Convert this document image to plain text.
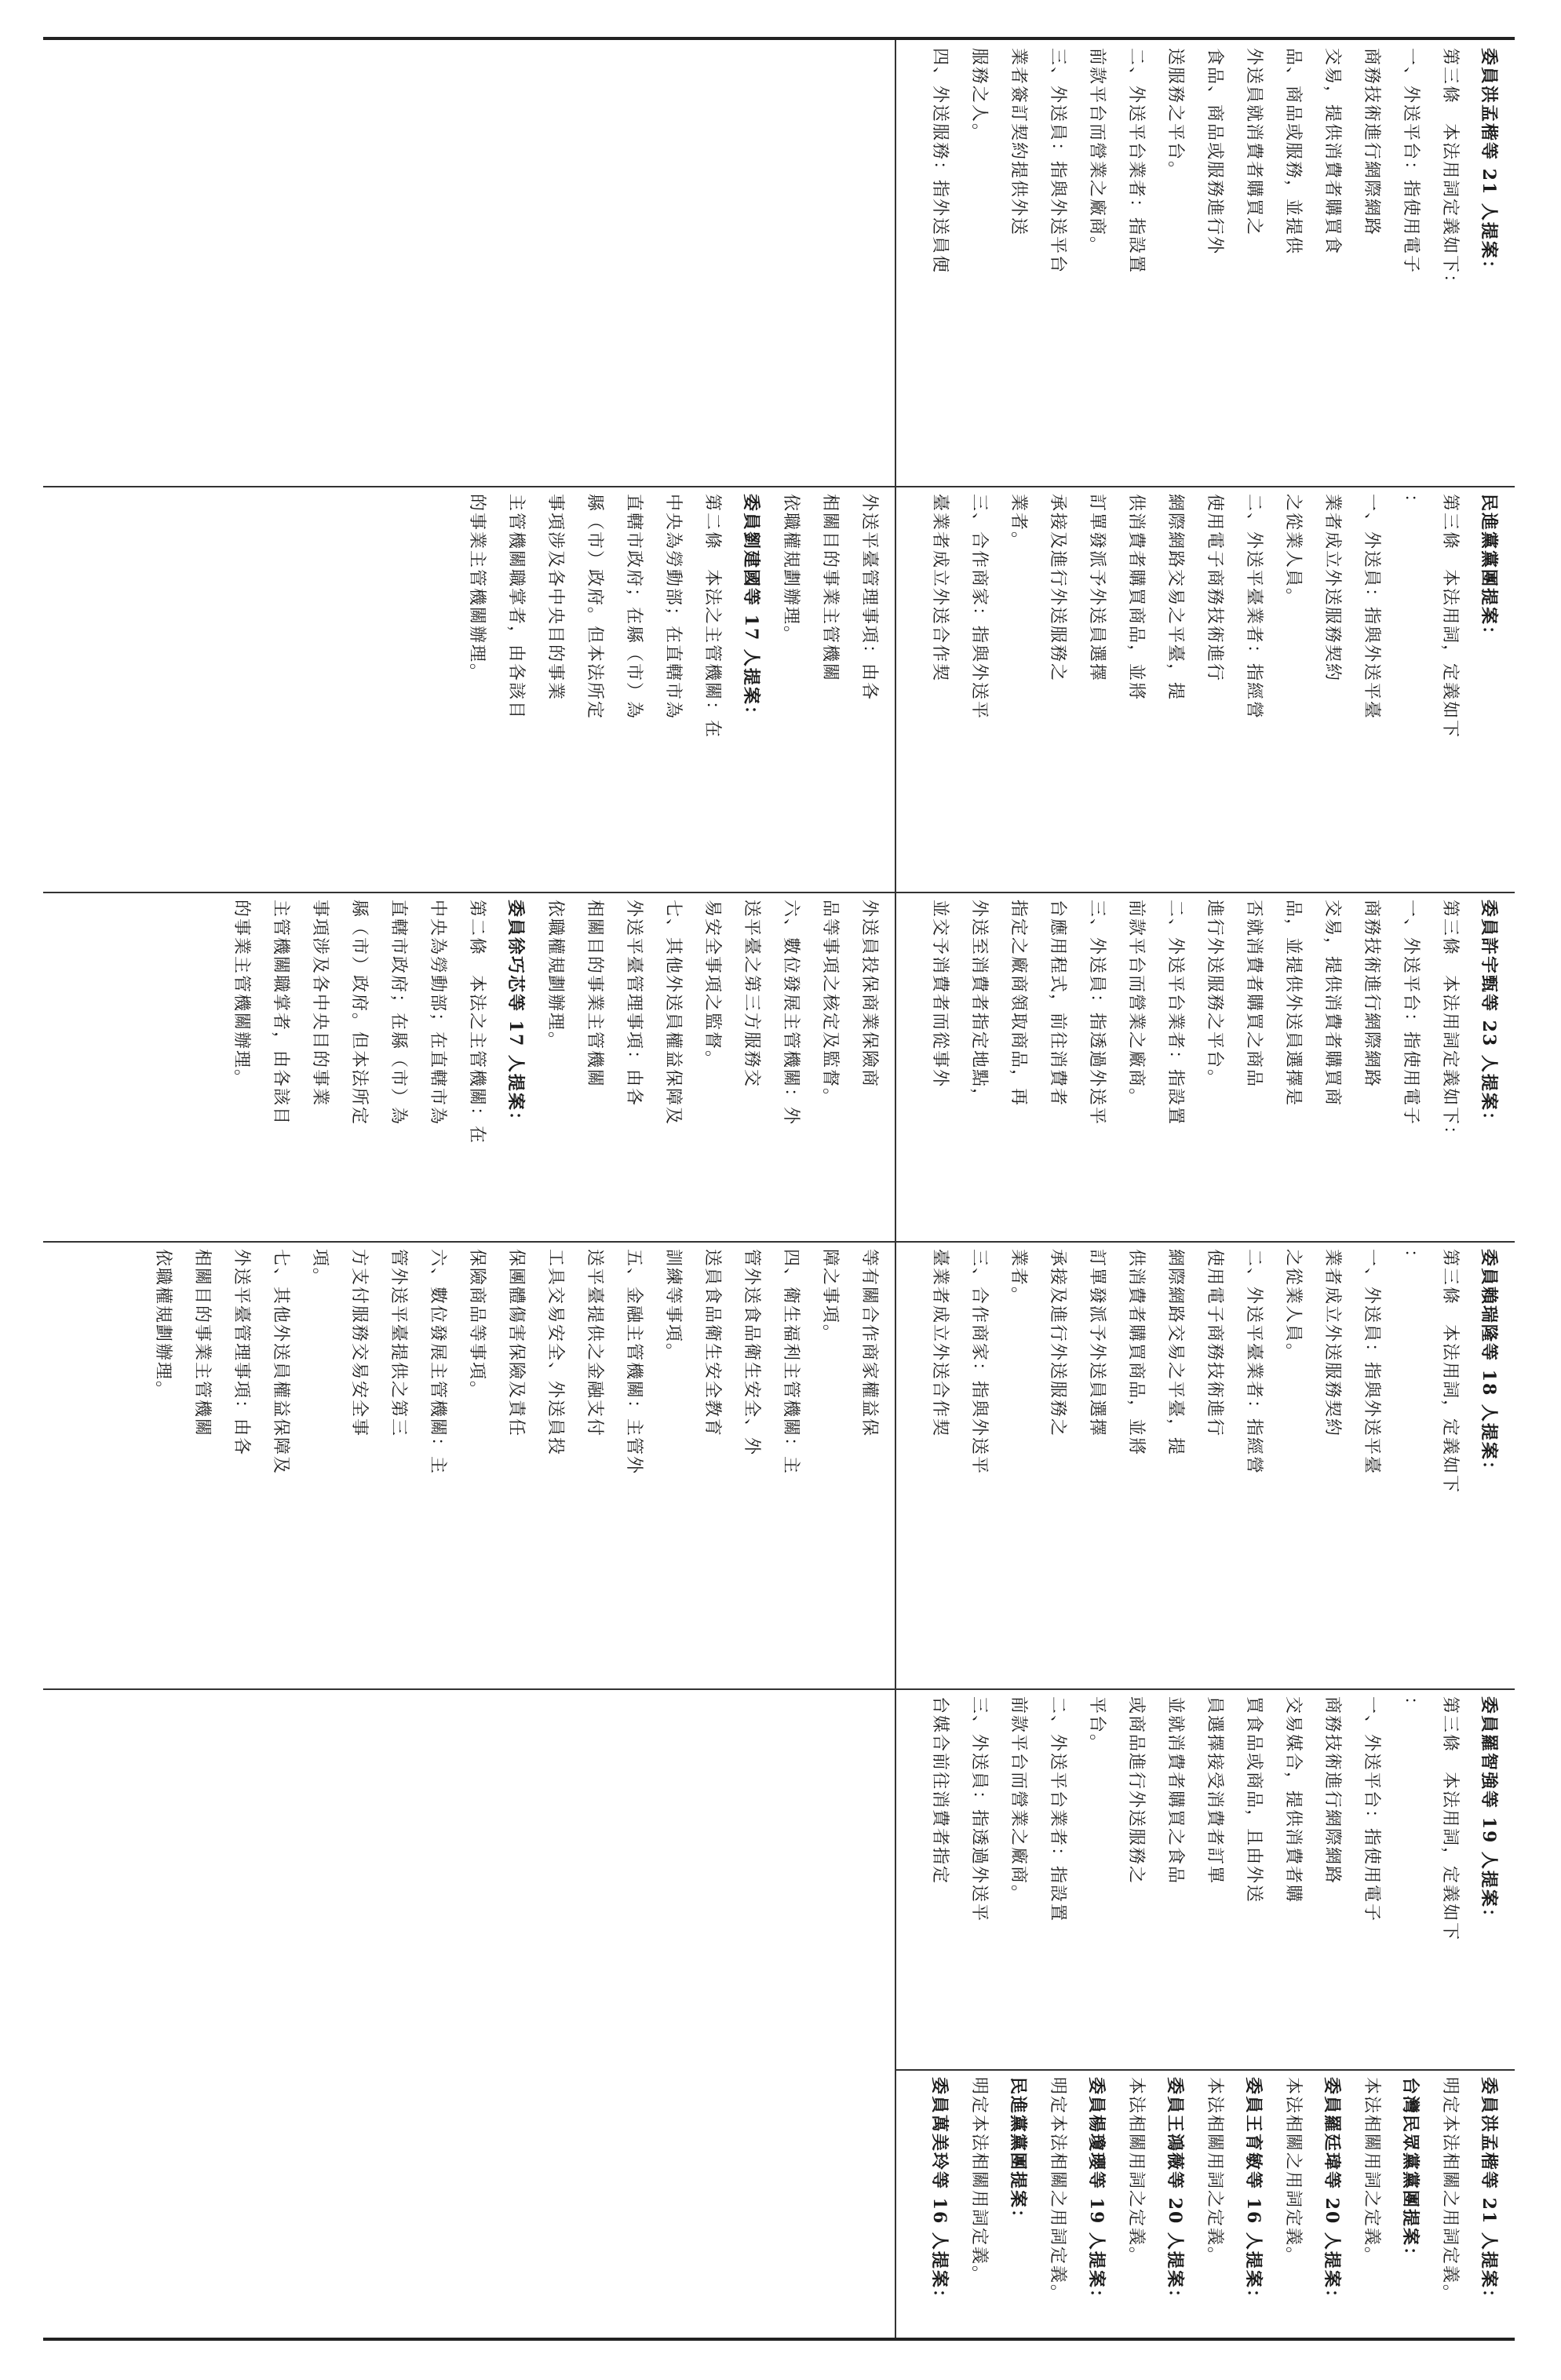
外送平臺管理事項：由各
相關目的事業主管機關
依職權規劃辦理。
委員劉建國等 17 人提案：
第二條　本法之主管機關：在
中央為勞動部；在直轄市為
直轄市政府；在縣（市）為
縣（市）政府。但本法所定
事項涉及各中央目的事業
主管機關職掌者，由各該目
的事業主管機關辦理。
外送員投保商業保險商
品等事項之核定及監督。
六、數位發展主管機關：外
送平臺之第三方服務交
易安全事項之監督。
七、其他外送員權益保障及
外送平臺管理事項：由各
相關目的事業主管機關
依職權規劃辦理。
委員徐巧芯等 17 人提案：
第二條　本法之主管機關：在
中央為勞動部；在直轄市為
直轄市政府；在縣（市）為
縣（市）政府。但本法所定
事項涉及各中央目的事業
主管機關職掌者，由各該目
的事業主管機關辦理。
等有關合作商家權益保
障之事項。
四、衛生福利主管機關：主
管外送食品衛生安全、外
送員食品衛生安全教育
訓練等事項。
五、金融主管機關：主管外
送平臺提供之金融支付
工具交易安全、外送員投
保團體傷害保險及責任
保險商品等事項。
六、數位發展主管機關：主
管外送平臺提供之第三
方支付服務交易安全事
項。
七、其他外送員權益保障及
外送平臺管理事項：由各
相關目的事業主管機關
依職權規劃辦理。
委員洪孟楷等 21 人提案：
第三條　本法用詞定義如下：
一、外送平台：指使用電子
商務技術進行網際網路
交易，提供消費者購買食
品、商品或服務，並提供
外送員就消費者購買之
食品、商品或服務進行外
送服務之平台。
二、外送平台業者：指設置
前款平台而營業之廠商。
三、外送員：指與外送平台
業者簽訂契約提供外送
服務之人。
四、外送服務：指外送員便
民進黨黨團提案：
第三條　本法用詞，定義如下
：
一、外送員：指與外送平臺
業者成立外送服務契約
之從業人員。
二、外送平臺業者：指經營
使用電子商務技術進行
網際網路交易之平臺，提
供消費者購買商品，並將
訂單發派予外送員選擇
承接及進行外送服務之
業者。
三、合作商家：指與外送平
臺業者成立外送合作契
委員許宇甄等 23 人提案：
第三條　本法用詞定義如下：
一、外送平台：指使用電子
商務技術進行網際網路
交易，提供消費者購買商
品，並提供外送員選擇是
否就消費者購買之商品
進行外送服務之平台。
二、外送平台業者：指設置
前款平台而營業之廠商。
三、外送員：指透過外送平
台應用程式，前往消費者
指定之廠商領取商品，再
外送至消費者指定地點，
並交予消費者而從事外
委員賴瑞隆等 18 人提案：
第三條　本法用詞，定義如下
：
一、外送員：指與外送平臺
業者成立外送服務契約
之從業人員。
二、外送平臺業者：指經營
使用電子商務技術進行
網際網路交易之平臺，提
供消費者購買商品，並將
訂單發派予外送員選擇
承接及進行外送服務之
業者。
三、合作商家：指與外送平
臺業者成立外送合作契
委員羅智強等 19 人提案：
第三條　本法用詞，定義如下
：
一、外送平台：指使用電子
商務技術進行網際網路
交易媒合，提供消費者購
買食品或商品，且由外送
員選擇接受消費者訂單
並就消費者購買之食品
或商品進行外送服務之
平台。
二、外送平台業者：指設置
前款平台而營業之廠商。
三、外送員：指透過外送平
台媒合前往消費者指定
委員洪孟楷等 21 人提案：
明定本法相關之用詞定義。
台灣民眾黨黨團提案：
本法相關用詞之定義。
委員羅廷瑋等 20 人提案：
本法相關之用詞定義。
委員王育敏等 16 人提案：
本法相關用詞之定義。
委員王鴻薇等 20 人提案：
本法相關用詞之定義。
委員楊瓊瓔等 19 人提案：
明定本法相關之用詞定義。
民進黨黨團提案：
明定本法相關用詞定義。
委員萬美玲等 16 人提案：
